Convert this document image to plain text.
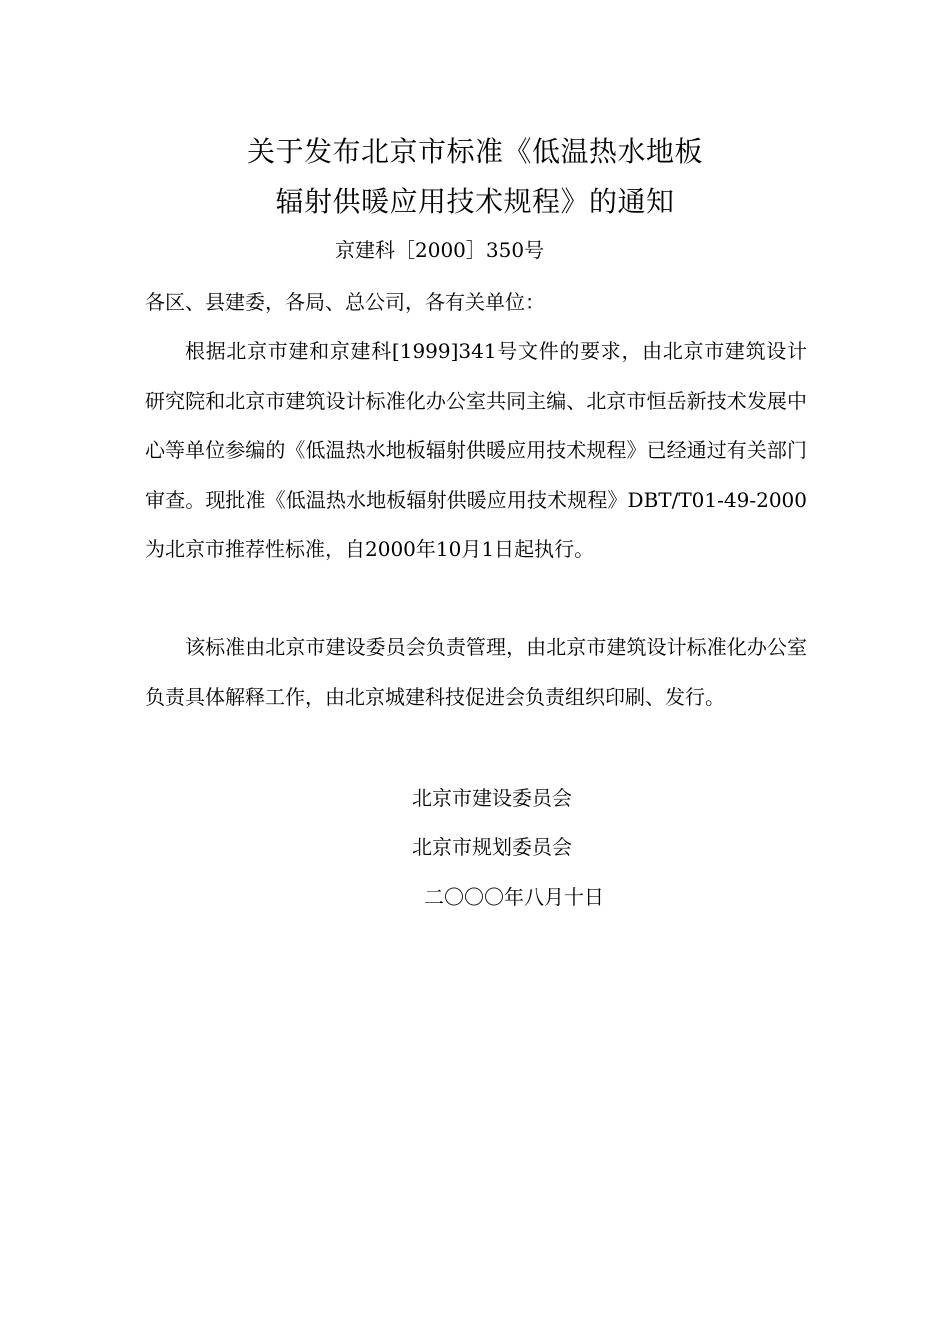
关于发布北京市标准《低温热水地板
辐射供暖应用技术规程》的通知
京建科［2000］350号
各区、县建委，各局、总公司，各有关单位：

根据北京市建和京建科[1999]341号文件的要求，由北京市建筑设计研究院和北京市建筑设计标准化办公室共同主编、北京市恒岳新技术发展中心等单位参编的《低温热水地板辐射供暖应用技术规程》已经通过有关部门审查。现批准《低温热水地板辐射供暖应用技术规程》DBT/T01-49-2000为北京市推荐性标准，自2000年10月1日起执行。

该标准由北京市建设委员会负责管理，由北京市建筑设计标准化办公室负责具体解释工作，由北京城建科技促进会负责组织印刷、发行。

北京市建设委员会
北京市规划委员会
二〇〇〇年八月十日
